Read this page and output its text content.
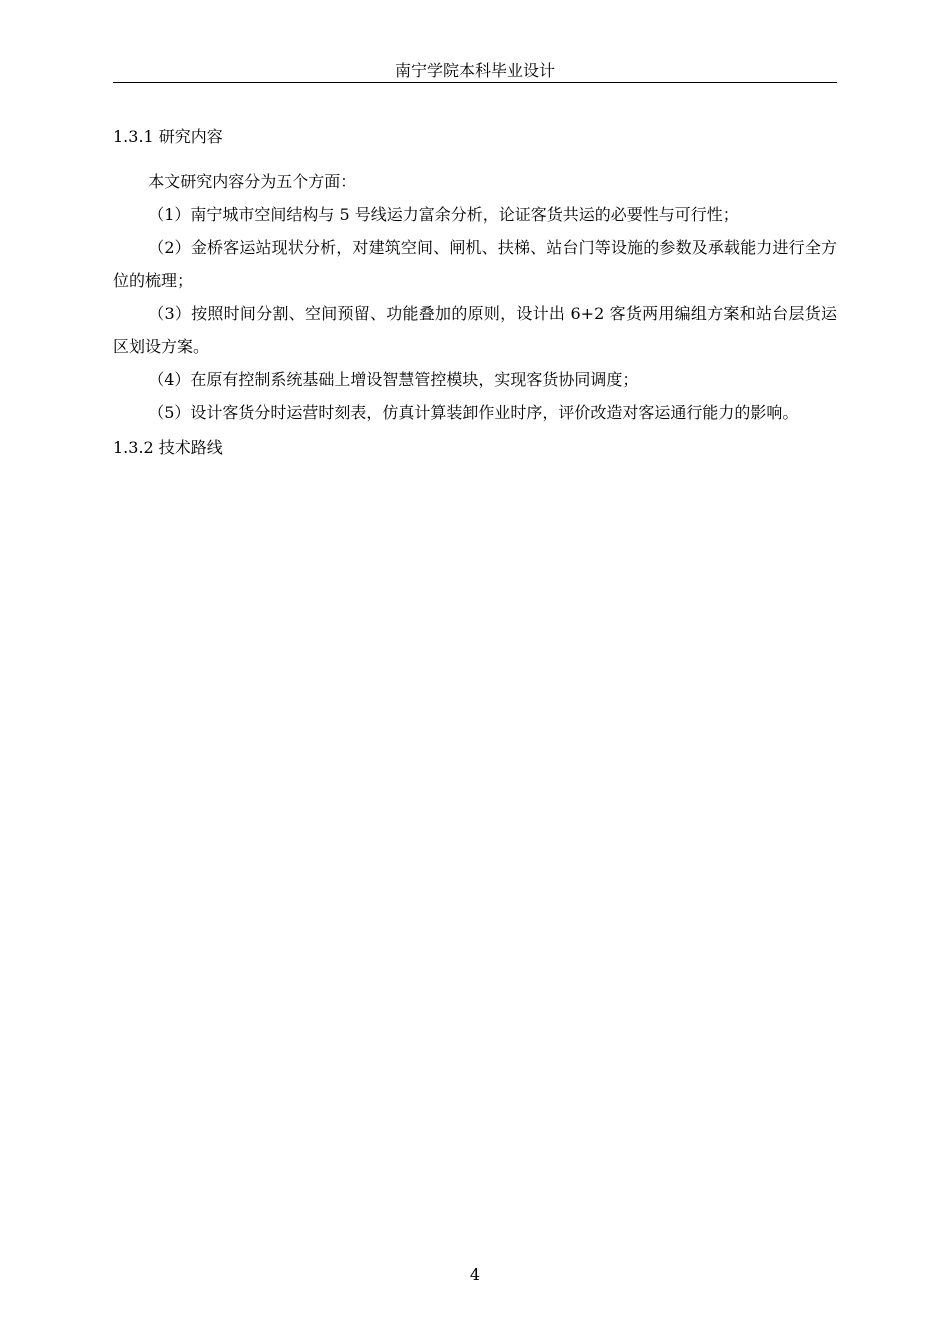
南宁学院本科毕业设计

1.3.1 研究内容

本文研究内容分为五个方面：

（1）南宁城市空间结构与 5 号线运力富余分析，论证客货共运的必要性与可行性；

（2）金桥客运站现状分析，对建筑空间、闸机、扶梯、站台门等设施的参数及承载能力进行全方位的梳理；

（3）按照时间分割、空间预留、功能叠加的原则，设计出 6+2 客货两用编组方案和站台层货运区划设方案。

（4）在原有控制系统基础上增设智慧管控模块，实现客货协同调度；

（5）设计客货分时运营时刻表，仿真计算装卸作业时序，评价改造对客运通行能力的影响。

1.3.2 技术路线

4
